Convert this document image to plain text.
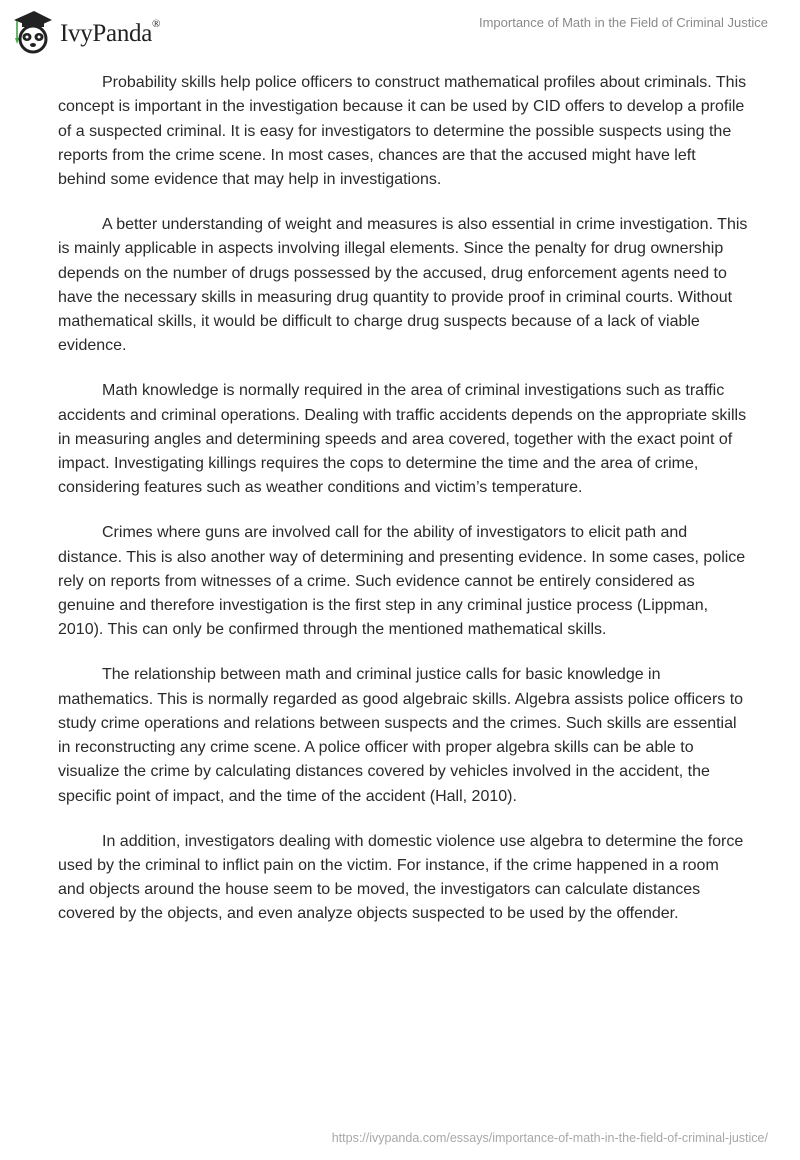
IvyPanda®	Importance of Math in the Field of Criminal Justice

Probability skills help police officers to construct mathematical profiles about criminals. This concept is important in the investigation because it can be used by CID offers to develop a profile of a suspected criminal. It is easy for investigators to determine the possible suspects using the reports from the crime scene. In most cases, chances are that the accused might have left behind some evidence that may help in investigations.

A better understanding of weight and measures is also essential in crime investigation. This is mainly applicable in aspects involving illegal elements. Since the penalty for drug ownership depends on the number of drugs possessed by the accused, drug enforcement agents need to have the necessary skills in measuring drug quantity to provide proof in criminal courts. Without mathematical skills, it would be difficult to charge drug suspects because of a lack of viable evidence.

Math knowledge is normally required in the area of criminal investigations such as traffic accidents and criminal operations. Dealing with traffic accidents depends on the appropriate skills in measuring angles and determining speeds and area covered, together with the exact point of impact. Investigating killings requires the cops to determine the time and the area of crime, considering features such as weather conditions and victim’s temperature.

Crimes where guns are involved call for the ability of investigators to elicit path and distance. This is also another way of determining and presenting evidence. In some cases, police rely on reports from witnesses of a crime. Such evidence cannot be entirely considered as genuine and therefore investigation is the first step in any criminal justice process (Lippman, 2010). This can only be confirmed through the mentioned mathematical skills.

The relationship between math and criminal justice calls for basic knowledge in mathematics. This is normally regarded as good algebraic skills. Algebra assists police officers to study crime operations and relations between suspects and the crimes. Such skills are essential in reconstructing any crime scene. A police officer with proper algebra skills can be able to visualize the crime by calculating distances covered by vehicles involved in the accident, the specific point of impact, and the time of the accident (Hall, 2010).

In addition, investigators dealing with domestic violence use algebra to determine the force used by the criminal to inflict pain on the victim. For instance, if the crime happened in a room and objects around the house seem to be moved, the investigators can calculate distances covered by the objects, and even analyze objects suspected to be used by the offender.

https://ivypanda.com/essays/importance-of-math-in-the-field-of-criminal-justice/
